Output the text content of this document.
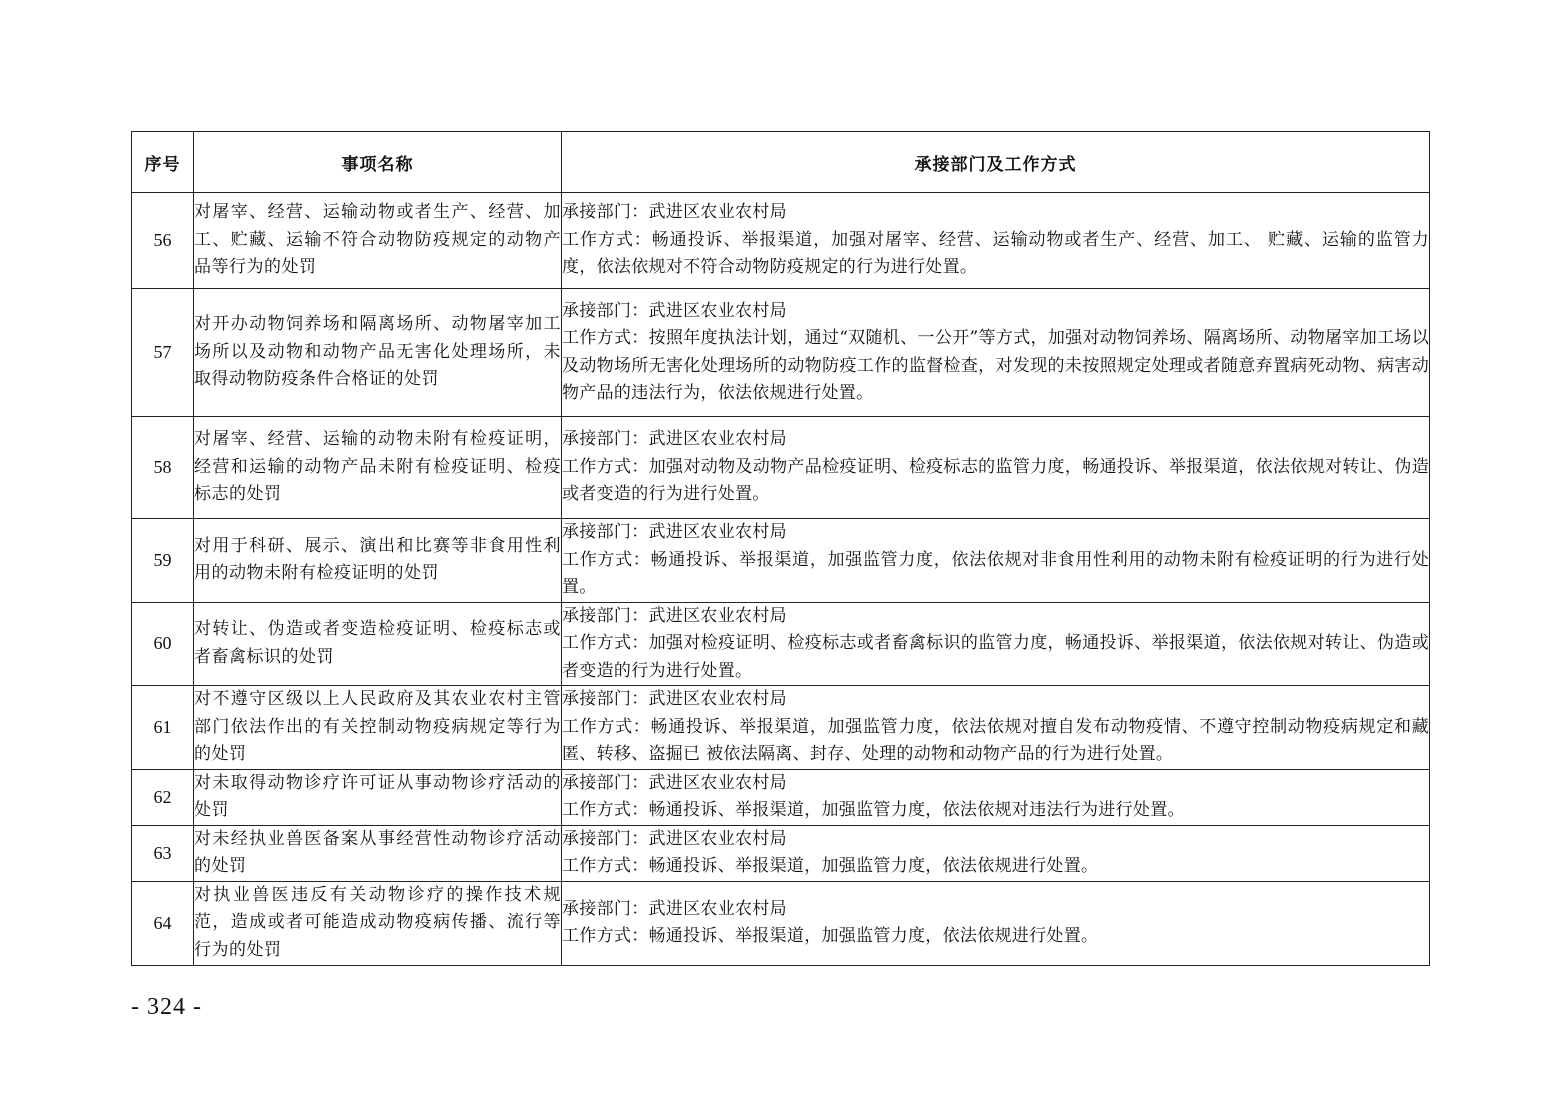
序号	事项名称	承接部门及工作方式
56	对屠宰、经营、运输动物或者生产、经营、加工、贮藏、运输不符合动物防疫规定的动物产品等行为的处罚	承接部门：武进区农业农村局
工作方式：畅通投诉、举报渠道，加强对屠宰、经营、运输动物或者生产、经营、加工、 贮藏、运输的监管力度，依法依规对不符合动物防疫规定的行为进行处置。

57	对开办动物饲养场和隔离场所、动物屠宰加工场所以及动物和动物产品无害化处理场所，未取得动物防疫条件合格证的处罚	承接部门：武进区农业农村局
工作方式：按照年度执法计划，通过“双随机、一公开”等方式，加强对动物饲养场、隔离场所、动物屠宰加工场以及动物场所无害化处理场所的动物防疫工作的监督检查，对发现的未按照规定处理或者随意弃置病死动物、病害动物产品的违法行为，依法依规进行处置。

58	对屠宰、经营、运输的动物未附有检疫证明，经营和运输的动物产品未附有检疫证明、检疫标志的处罚	承接部门：武进区农业农村局
工作方式：加强对动物及动物产品检疫证明、检疫标志的监管力度，畅通投诉、举报渠道，依法依规对转让、伪造 或者变造的行为进行处置。

59	对用于科研、展示、演出和比赛等非食用性利用的动物未附有检疫证明的处罚	承接部门：武进区农业农村局
工作方式：畅通投诉、举报渠道，加强监管力度，依法依规对非食用性利用的动物未附有检疫证明的行为进行处置。

60	对转让、伪造或者变造检疫证明、检疫标志或者畜禽标识的处罚	承接部门：武进区农业农村局
工作方式：加强对检疫证明、检疫标志或者畜禽标识的监管力度，畅通投诉、举报渠道，依法依规对转让、伪造或者变造的行为进行处置。

61	对不遵守区级以上人民政府及其农业农村主管部门依法作出的有关控制动物疫病规定等行为的处罚	承接部门：武进区农业农村局
工作方式：畅通投诉、举报渠道，加强监管力度，依法依规对擅自发布动物疫情、不遵守控制动物疫病规定和藏匿、转移、盗掘已 被依法隔离、封存、处理的动物和动物产品的行为进行处置。

62	对未取得动物诊疗许可证从事动物诊疗活动的处罚	承接部门：武进区农业农村局
工作方式：畅通投诉、举报渠道，加强监管力度，依法依规对违法行为进行处置。

63	对未经执业兽医备案从事经营性动物诊疗活动的处罚	承接部门：武进区农业农村局
工作方式：畅通投诉、举报渠道，加强监管力度，依法依规进行处置。

64	对执业兽医违反有关动物诊疗的操作技术规范，造成或者可能造成动物疫病传播、流行等行为的处罚	承接部门：武进区农业农村局
工作方式：畅通投诉、举报渠道，加强监管力度，依法依规进行处置。
- 324 -
